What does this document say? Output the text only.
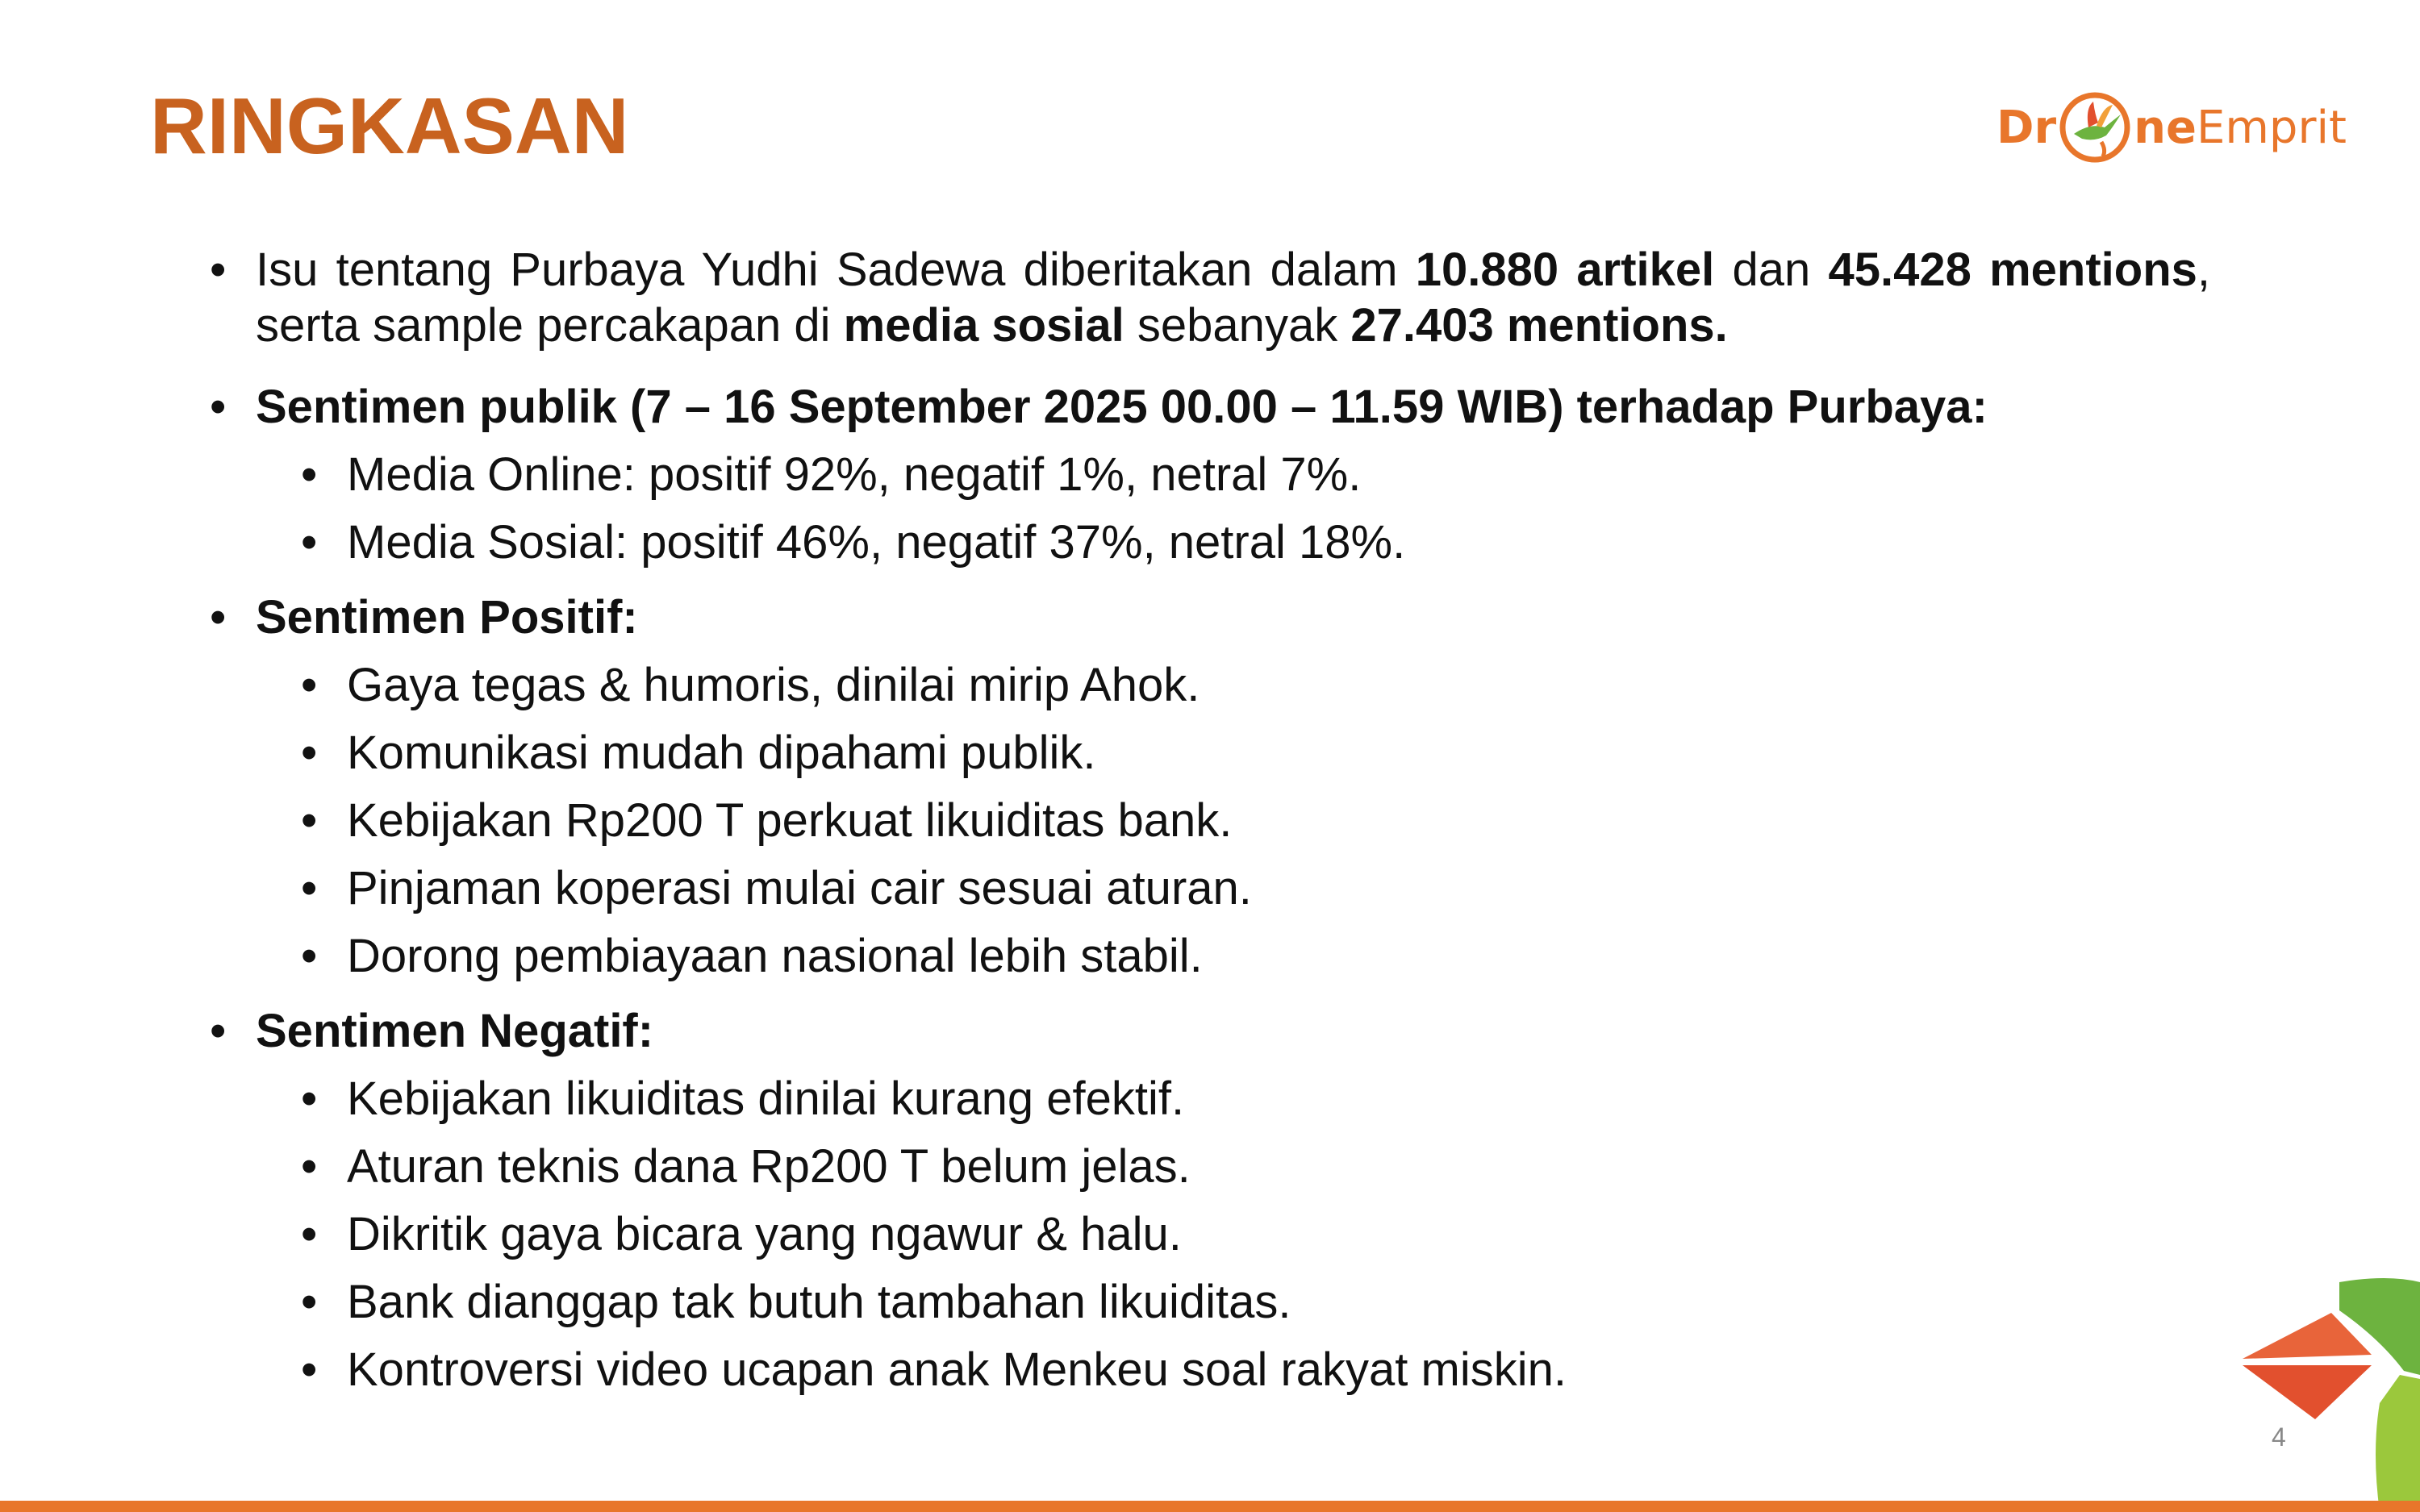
RINGKASAN	Dr ne Emprit
• Isu tentang Purbaya Yudhi Sadewa diberitakan dalam 10.880 artikel dan 45.428 mentions, serta sample percakapan di media sosial sebanyak 27.403 mentions.
• Sentimen publik (7 – 16 September 2025 00.00 – 11.59 WIB) terhadap Purbaya:
• Media Online: positif 92%, negatif 1%, netral 7%.
• Media Sosial: positif 46%, negatif 37%, netral 18%.
• Sentimen Positif:
• Gaya tegas & humoris, dinilai mirip Ahok.
• Komunikasi mudah dipahami publik.
• Kebijakan Rp200 T perkuat likuiditas bank.
• Pinjaman koperasi mulai cair sesuai aturan.
• Dorong pembiayaan nasional lebih stabil.
• Sentimen Negatif:
• Kebijakan likuiditas dinilai kurang efektif.
• Aturan teknis dana Rp200 T belum jelas.
• Dikritik gaya bicara yang ngawur & halu.
• Bank dianggap tak butuh tambahan likuiditas.
• Kontroversi video ucapan anak Menkeu soal rakyat miskin.
4
